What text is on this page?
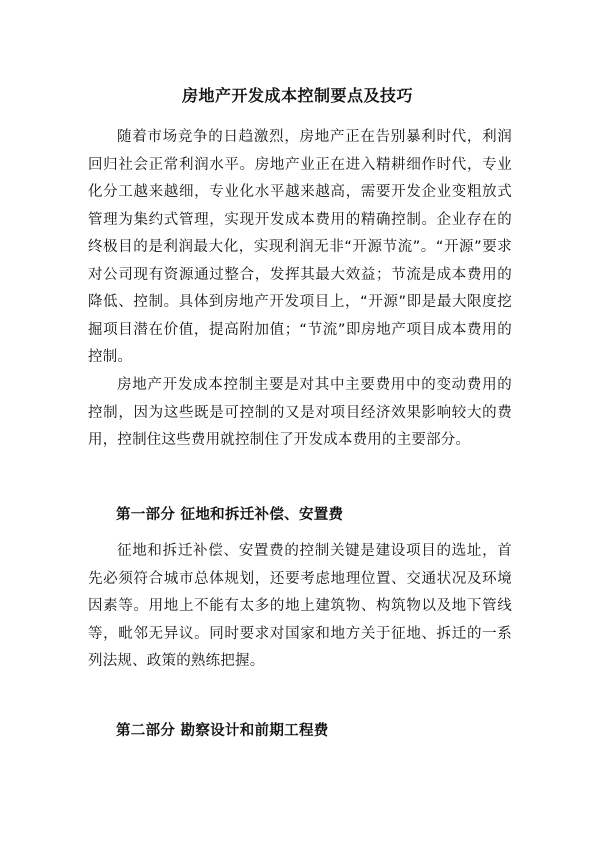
房地产开发成本控制要点及技巧

随着市场竞争的日趋激烈，房地产正在告别暴利时代，利润回归社会正常利润水平。房地产业正在进入精耕细作时代，专业化分工越来越细，专业化水平越来越高，需要开发企业变粗放式管理为集约式管理，实现开发成本费用的精确控制。企业存在的终极目的是利润最大化，实现利润无非“开源节流”。“开源”要求对公司现有资源通过整合，发挥其最大效益；节流是成本费用的降低、控制。具体到房地产开发项目上，“开源”即是最大限度挖掘项目潜在价值，提高附加值；“节流”即房地产项目成本费用的控制。

房地产开发成本控制主要是对其中主要费用中的变动费用的控制，因为这些既是可控制的又是对项目经济效果影响较大的费用，控制住这些费用就控制住了开发成本费用的主要部分。

第一部分 征地和拆迁补偿、安置费

征地和拆迁补偿、安置费的控制关键是建设项目的选址，首先必须符合城市总体规划，还要考虑地理位置、交通状况及环境因素等。用地上不能有太多的地上建筑物、构筑物以及地下管线等，毗邻无异议。同时要求对国家和地方关于征地、拆迁的一系列法规、政策的熟练把握。

第二部分 勘察设计和前期工程费
